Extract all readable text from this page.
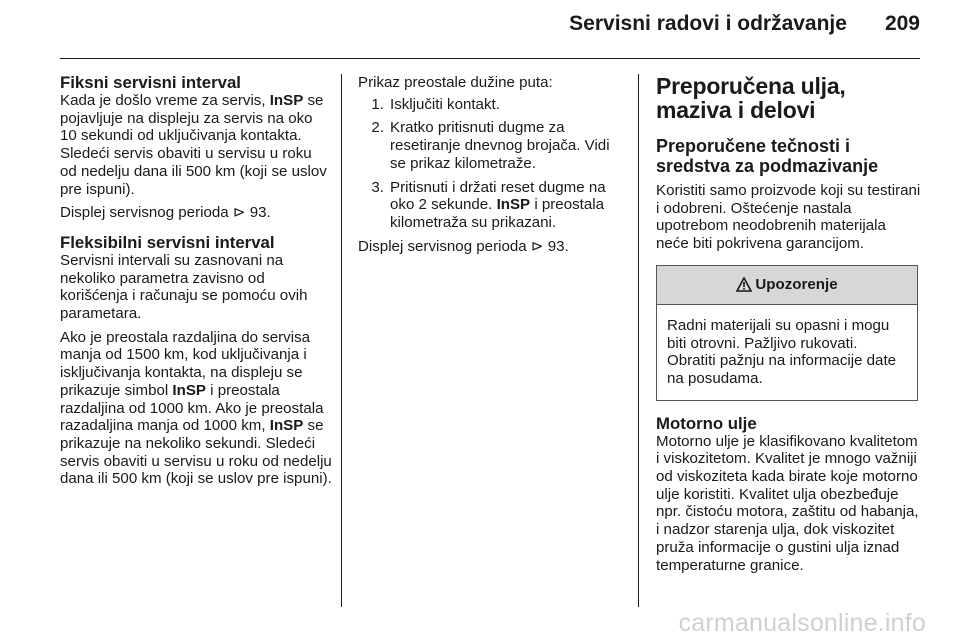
Servisni radovi i održavanje 209
Fiksni servisni interval

Kada je došlo vreme za servis, InSP se pojavljuje na displeju za servis na oko 10 sekundi od uključivanja kontakta. Sledeći servis obaviti u servisu u roku od nedelju dana ili 500 km (koji se uslov pre ispuni).

Displej servisnog perioda ⊳ 93.

Fleksibilni servisni interval

Servisni intervali su zasnovani na nekoliko parametra zavisno od korišćenja i računaju se pomoću ovih parametara.

Ako je preostala razdaljina do servisa manja od 1500 km, kod uključivanja i isključivanja kontakta, na displeju se prikazuje simbol InSP i preostala razdaljina od 1000 km. Ako je preostala razadaljina manja od 1000 km, InSP se prikazuje na nekoliko sekundi. Sledeći servis obaviti u servisu u roku od nedelju dana ili 500 km (koji se uslov pre ispuni).

Prikaz preostale dužine puta:

1. Isključiti kontakt.
2. Kratko pritisnuti dugme za resetiranje dnevnog brojača. Vidi se prikaz kilometraže.
3. Pritisnuti i držati reset dugme na oko 2 sekunde. InSP i preostala kilometraža su prikazani.

Displej servisnog perioda ⊳ 93.

Preporučena ulja, maziva i delovi

Preporučene tečnosti i sredstva za podmazivanje

Koristiti samo proizvode koji su testirani i odobreni. Oštećenje nastala upotrebom neodobrenih materijala neće biti pokrivena garancijom.

Upozorenje
Radni materijali su opasni i mogu biti otrovni. Pažljivo rukovati. Obratiti pažnju na informacije date na posudama.
Motorno ulje

Motorno ulje je klasifikovano kvalitetom i viskozitetom. Kvalitet je mnogo važniji od viskoziteta kada birate koje motorno ulje koristiti. Kvalitet ulja obezbeđuje npr. čistoću motora, zaštitu od habanja, i nadzor starenja ulja, dok viskozitet pruža informacije o gustini ulja iznad temperaturne granice.

carmanualsonline.info
